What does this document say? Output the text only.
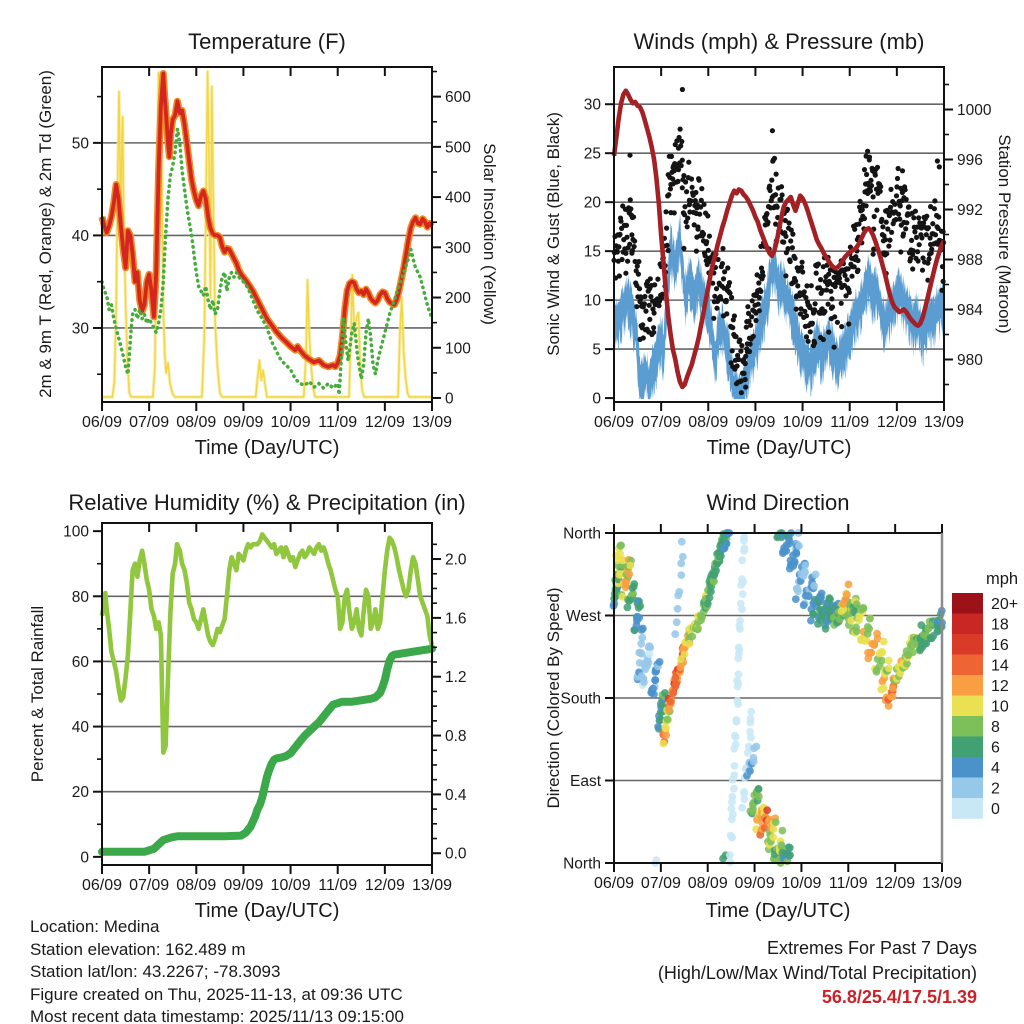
06/09 07/09 08/09 09/09 10/09 11/09 12/09 13/09
30
40
50
0
100
200
300
400
500
600
06/09 07/09 08/09 09/09 10/09 11/09 12/09 13/09
0
5
10
15
20
25
30
980
984
988
992
996
1000
06/09 07/09 08/09 09/09 10/09 11/09 12/09 13/09
0
20
40
60
80
100
0.0
0.4
0.8
1.2
1.6
2.0
06/09 07/09 08/09 09/09 10/09 11/09 12/09 13/09
North
West
South
East
North
20+
18
16
14
12
10
8
6
4
2
0
Temperature (F)	Winds (mph) & Pressure (mb)
Relative Humidity (%) & Precipitation (in)	Wind Direction
Time (Day/UTC)	Time (Day/UTC)
Time (Day/UTC)	Time (Day/UTC)
2m & 9m T (Red, Orange) & 2m Td (Green)	Solar Insolation (Yellow)	Sonic Wind & Gust (Blue, Black)	Station Pressure (Maroon)
Percent & Total Rainfall	Direction (Colored By Speed)
mph
Location: Medina
Station elevation: 162.489 m
Station lat/lon: 43.2267; -78.3093
Figure created on Thu, 2025-11-13, at 09:36 UTC
Most recent data timestamp: 2025/11/13 09:15:00
Extremes For Past 7 Days
(High/Low/Max Wind/Total Precipitation)
56.8/25.4/17.5/1.39
